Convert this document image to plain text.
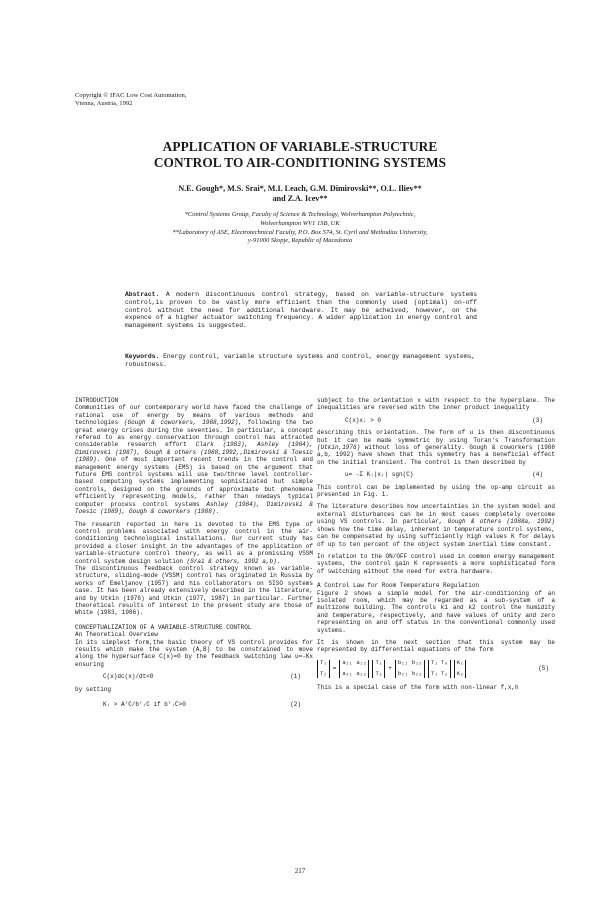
Copyright © IFAC Low Cost Automation,
Vienna, Austria, 1992
APPLICATION OF VARIABLE-STRUCTURE
CONTROL TO AIR-CONDITIONING SYSTEMS
N.E. Gough*, M.S. Srai*, M.I. Leach, G.M. Dimirovski**, O.L. Iliev**
and Z.A. Icev**
*Control Systems Group, Faculty of Science & Technology, Wolverhampton Polytechnic,
Wolverhampton WV1 1SB, UK
**Laboratory of ASE, Electrotechnical Faculty, P.O. Box 574, St. Cyril and Methodius University,
y-91000 Skopje, Republic of Macedonia
Abstract. A modern discontinuous control strategy, based on variable-structure systems control,is proven to be vastly more efficient than the commonly used (optimal) on-off control without the need for additional hardware. It may be acheived, however, on the expence of a higher actuator switching frequency. A wider application in energy control and management systems is suggested.
Keywords. Energy control, variable structure systems and control, energy management systems, robustness.
INTRODUCTION

Communities of our contemporary world have faced the challenge of rational use of energy by means of various methods and technologies (Gough & coworkers, 1988,1992), following the two great energy crises during the seventies. In particular, a concept refered to as energy conservation through control has attracted considerable research effort Clark (1983), Ashley (1984), Dimirovski (1987), Gough & others (1988,1992,,Dimirovski & Toesic (1989). One of most important recent trends in the control and management energy systems (EMS) is based on the argument that future EMS control systems will use two/three level controller-based computing systems implementing sophisticated but simple controls, designed on the grounds of approximate but phenomena efficiently representing models, rather than nowdays typical computer process control systems Ashley (1984), Dimirovski & Toesic (1989), Gough & coworkers (1988).

The research reported in here is devoted to the EMS type of control problems associated with energy control in the air-conditioning technological installations. Our current study has provided a closer insight in the advantages of the application of variable-structure control theory, as well as a promissing VSSM control system design solution (Srai & others, 1992 a,b).

The discontinuous feedback control strategy known as variable-structure, sliding-mode (VSSM) control has originated in Russia by works of Emeljanov (1957) and his collaborators on SISO systems case. It has been already extensively described in the literature, and by Utkin (1976) and Utkin (1977, 1987) in particular. Further theoretical results of interest in the present study are those of White (1983, 1986).

CONCEPTUALIZATION OF A VARIABLE-STRUCTURE CONTROL
An Theoretical Overview

In its simplest form,the basic theory of VS control provides for results which make the system (A,B) to be constrained to move along the hypersurface C(x)=0 by the feedback switching law u=-Kx ensuring

C(x)dc(x)/dt<0	(1)
by setting
Kᵢ > A'C/b'ᵢC if b'ᵢC>0	(2)

subject to the orientation x with respect to the hyperplane. The inequalities are reversed with the inner product inequality

C(x)xᵢ > 0	(3)

describing this orientation. The form of u is then discontinuous but it can be made symmetric by using Toran's Transformation (Utkin,1976) without loss of generality. Gough & coworkers (1988 a,b, 1992) have shown that this symmetry has a beneficial effect on the initial transient. The control is then described by

u= -Σ Kᵢ|xᵢ| sgn(C)	(4)

This control can be implemented by using the op-amp circuit as presented in Fig. 1.

The literature describes how uncertainties in the system model and external disturbances can be in most cases completely overcome using VS controls. In particular, Gough & others (1988a, 1992) shows how the time delay, inherent in temperature control systems, can be compensated by using sufficiently high values K for delays of up to ten percent of the object system inertial time constant.

In relation to the ON/OFF control used in common energy management systems, the control gain K represents a more sophisticated form of switching without the need for extra hardware.

A Control Law for Room Temperature Regulation

Figure 2 shows a simple model for the air-conditioning of an isolated room, which may be regarded as a sub-system of a multizone building. The controls k1 and k2 control the humidity and temperature, respectively, and have values of unity and zero representing on and off status in the conventional commonly used systems.

It is shown in the next section that this system may be represented by differential equations of the form

T₁
T₂
=
a₁₁ a₁₂
a₂₁ a₂₂
T₁
T₂
+
b₁₁ b₁₂
b₂₁ b₂₂
T₁ T₀
T₁ T₂
K₁
K₂
(5)

This is a special case of the form with non-linear f,x,h

217
